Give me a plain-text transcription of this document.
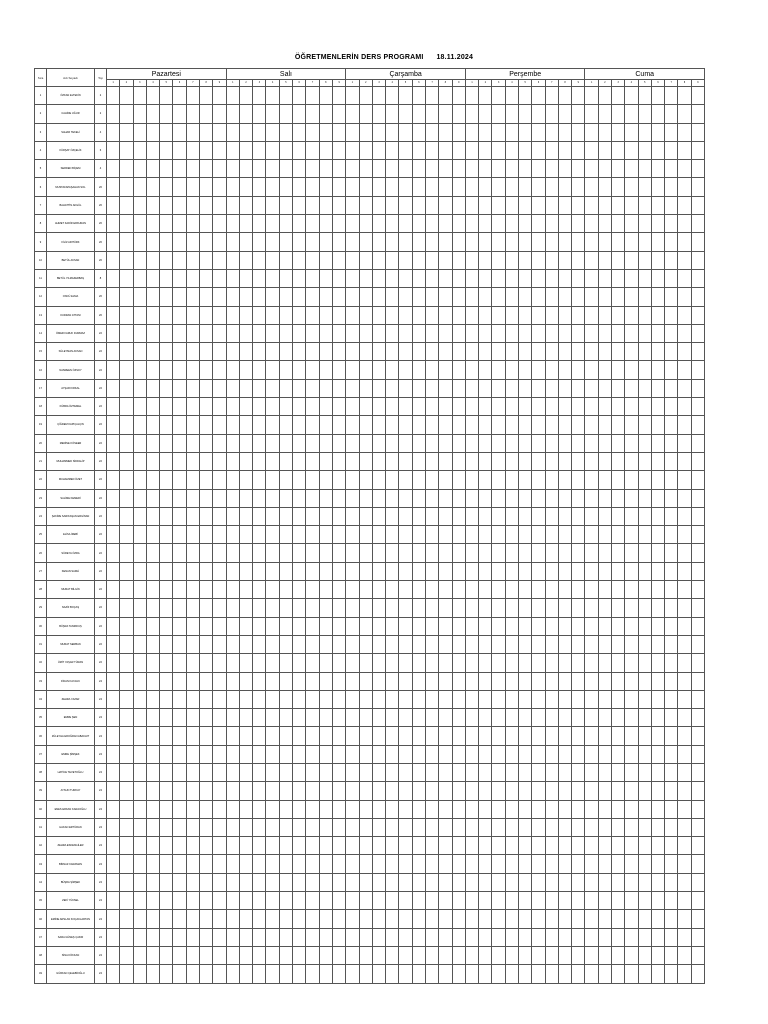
ÖĞRETMENLERİN DERS PROGRAMI 18.11.2024
Sıra	Adı Soyadı	Top	Pazartesi									Salı									Çarşamba									Perşembe									Cuma								
			1	2	3	4	5	6	7	8	9	1	2	3	4	5	6	7	8	9	1	2	3	4	5	6	7	8	9	1	2	3	4	5	6	7	8	9	1	2	3	4	5	6	7	8	9
1	ÖZKAN ELTEKİN	2																																													
2	CAHİDE UĞUR	2																																													
3	SAHAR TEKELİ	4																																													
4	KÜRŞAT ÖZÇELİK	6																																													
5	SERDEN BİÇEM	4																																													
6	MUSTAFAPAŞAHAN SOL	20																																													
7	BAHATTİN AKGÜL	20																																													
8	AHMET KADİR ERKURAN	20																																													
9	FİLİZ ARITÜRK	20																																													
10	BETÜL AKSAN	20																																													
11	BETÜL YILMAZERBAŞ	8																																													
12	ONCÜ ELMA	20																																													
13	KUDRAN ATTANI	20																																													
14	ÖMER FARUK DURMAZ	22																																													
15	SÜLEYMAN AKSAN	22																																													
16	NASREEN ÖZSOY	22																																													
17	AYŞAR KIRKAL	22																																													
18	KÜBRA ÖZTEMEL	22																																													
19	ÇİĞDEM KAPIÇALÇIN	22																																													
20	MEDİNE KÖSEER	22																																													
21	MUHAMMED SİDDALİP	22																																													
22	MUHAMMED ÖZET	22																																													
23	SALİME KEMERİ	22																																													
24	ŞAKİRE SARIKAŞAN ERGİNAN	22																																													
25	ELİSA İREBİ	22																																													
26	SÜREYA ÖZRA	22																																													
27	KENAN SAMLİ	22																																													
28	MURAT BİLGİN	22																																													
29	NAZİF BOÇAŞ	22																																													
30	BÜŞRA TANRIKUŞ	22																																													
31	MURAT SERBAN	22																																													
32	ÜMİT YAŞAR TÜRAN	22																																													
33	FİDAN KAYALIK	24																																													
34	ZEHRA YAZAR	24																																													
35	EMRE ŞEN	24																																													
36	ZÜLEYHA EROĞRAN ABAKHIT	24																																													
37	EMRE ŞİMŞEK	24																																													
38	HATİCE TEVETOĞLU	24																																													
39	AYSUN TURKAY	24																																													
40	ENES ERKAN KARAOĞLU	24																																													
41	HAKAN ERTÜRAN	24																																													
42	ZEHRA ESKENGİLER	24																																													
43	BİNNAZ KARAMAN	24																																													
44	BÜŞRA ŞİMŞEK	24																																													
45	ZEKİ YÜKSEL	24																																													
46	EMİNE ARSLAN KOÇAKLARTAN	24																																													
47	SARA GÜNEŞ ÇAKIR	24																																													
48	SİNA KÖKKAN	24																																													
49	GÜRKAN ÇELEBİOĞLU	24																																													
